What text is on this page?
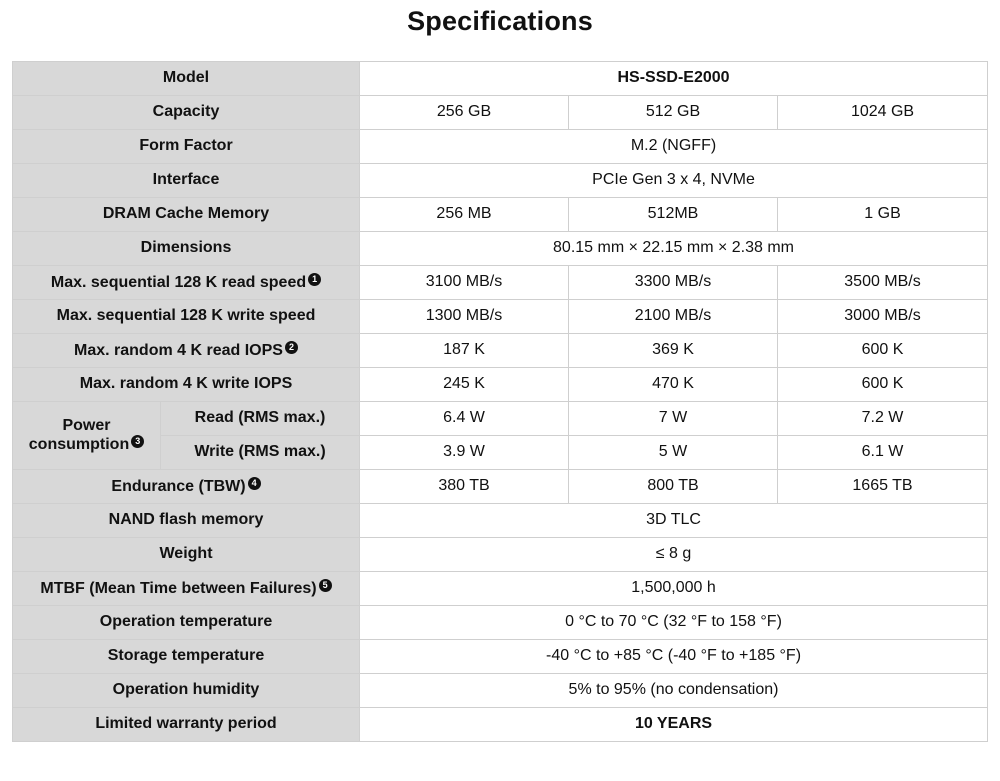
Specifications
Model		HS-SSD-E2000		
Capacity		256 GB	512 GB	1024 GB
Form Factor		M.2 (NGFF)		
Interface		PCIe Gen 3 x 4, NVMe		
DRAM Cache Memory		256 MB	512MB	1 GB
Dimensions		80.15 mm × 22.15 mm × 2.38 mm		
Max. sequential 128 K read speed 1		3100 MB/s	3300 MB/s	3500 MB/s
Max. sequential 128 K write speed		1300 MB/s	2100 MB/s	3000 MB/s
Max. random 4 K read IOPS 2		187 K	369 K	600 K
Max. random 4 K write IOPS		245 K	470 K	600 K
Power
consumption 3	Read (RMS max.)	6.4 W	7 W	7.2 W
	Write (RMS max.)	3.9 W	5 W	6.1 W
Endurance (TBW) 4		380 TB	800 TB	1665 TB
NAND flash memory		3D TLC		
Weight		≤ 8 g		
MTBF (Mean Time between Failures) 5		1,500,000 h		
Operation temperature		0 °C to 70 °C (32 °F to 158 °F)		
Storage temperature		-40 °C to +85 °C (-40 °F to +185 °F)		
Operation humidity		5% to 95% (no condensation)		
Limited warranty period		10 YEARS		
